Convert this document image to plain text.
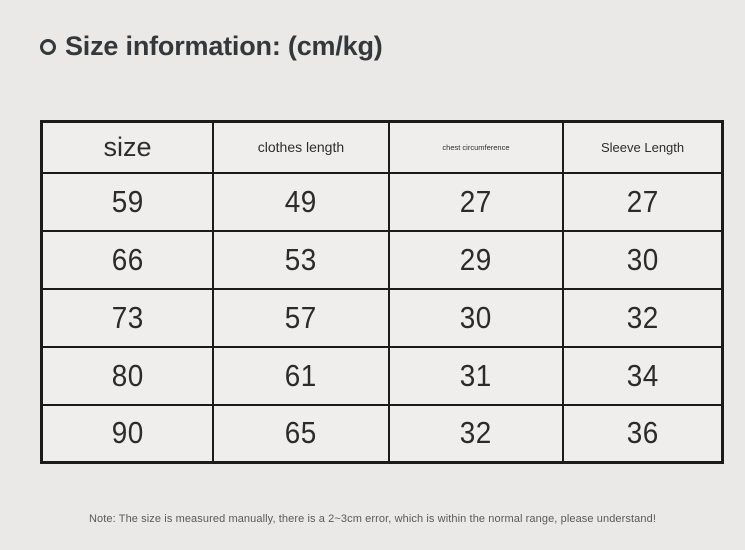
Size information: (cm/kg)
size	clothes length	chest circumference	Sleeve Length
59	49	27	27
66	53	29	30
73	57	30	32
80	61	31	34
90	65	32	36
Note: The size is measured manually, there is a 2~3cm error, which is within the normal range, please understand!
